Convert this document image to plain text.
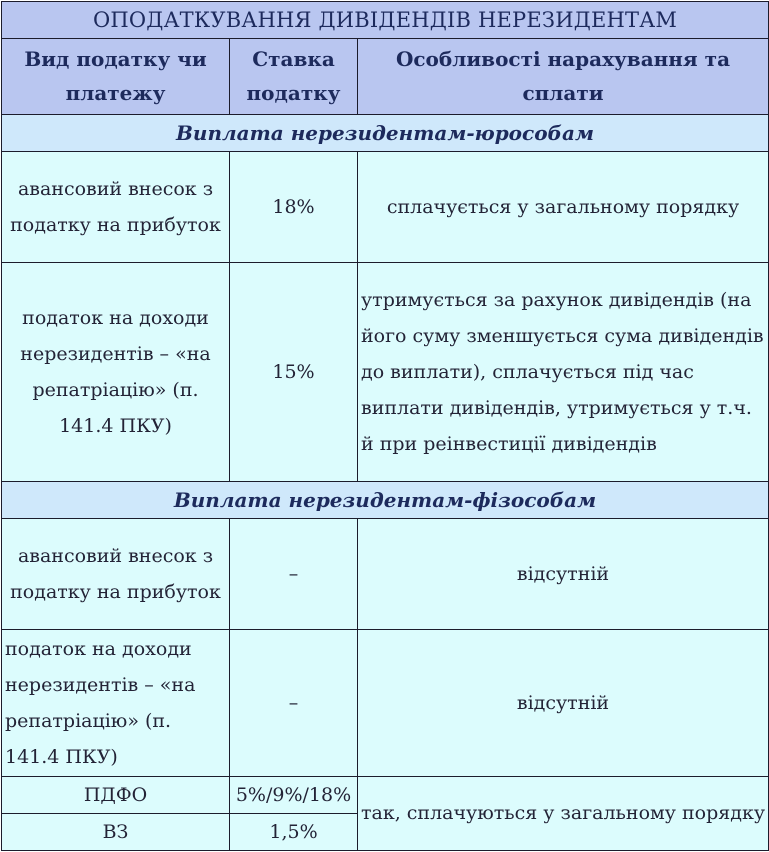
ОПОДАТКУВАННЯ ДИВІДЕНДІВ НЕРЕЗИДЕНТАМ		
Вид податку чи платежу	Ставка податку	Особливості нарахування та сплати
Виплата нерезидентам-юрособам		
авансовий внесок з податку на прибуток	18%	сплачується у загальному порядку
податок на доходи нерезидентів – «на репатріацію» (п. 141.4 ПКУ)	15%	утримується за рахунок дивідендів (на його суму зменшується сума дивідендів до виплати), сплачується під час виплати дивідендів, утримується у т.ч. й при реінвестиції дивідендів
Виплата нерезидентам-фізособам		
авансовий внесок з податку на прибуток	–	відсутній
податок на доходи нерезидентів – «на репатріацію» (п. 141.4 ПКУ)	–	відсутній
ПДФО	5%/9%/18%	так, сплачуються у загальному порядку
ВЗ	1,5%	
